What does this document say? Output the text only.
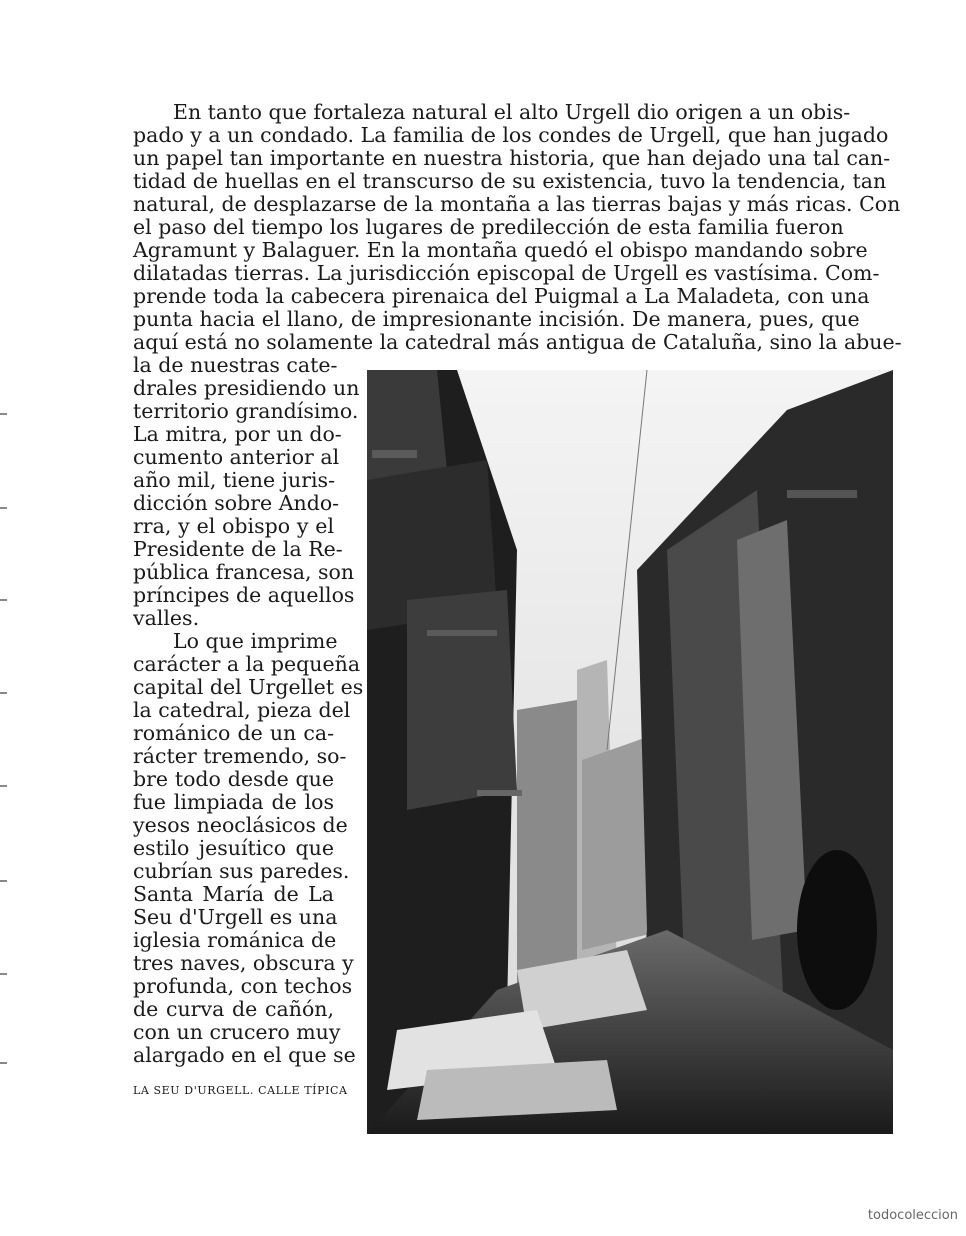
En tanto que fortaleza natural el alto Urgell dio origen a un obis-
pado y a un condado. La familia de los condes de Urgell, que han jugado
un papel tan importante en nuestra historia, que han dejado una tal can-
tidad de huellas en el transcurso de su existencia, tuvo la tendencia, tan
natural, de desplazarse de la montaña a las tierras bajas y más ricas. Con
el paso del tiempo los lugares de predilección de esta familia fueron
Agramunt y Balaguer. En la montaña quedó el obispo mandando sobre
dilatadas tierras. La jurisdicción episcopal de Urgell es vastísima. Com-
prende toda la cabecera pirenaica del Puigmal a La Maladeta, con una
punta hacia el llano, de impresionante incisión. De manera, pues, que
aquí está no solamente la catedral más antigua de Cataluña, sino la abue-
la de nuestras cate-
drales presidiendo un
territorio grandísimo.
La mitra, por un do-
cumento anterior al
año mil, tiene juris-
dicción sobre Ando-
rra, y el obispo y el
Presidente de la Re-
pública francesa, son
príncipes de aquellos
valles.
Lo que imprime
carácter a la pequeña
capital del Urgellet es
la catedral, pieza del
románico de un ca-
rácter tremendo, so-
bre todo desde que
fue limpiada de los
yesos neoclásicos de
estilo jesuítico que
cubrían sus paredes.
Santa María de La
Seu d'Urgell es una
iglesia románica de
tres naves, obscura y
profunda, con techos
de curva de cañón,
con un crucero muy
alargado en el que se
LA SEU D'URGELL. CALLE TÍPICA
todocoleccion
